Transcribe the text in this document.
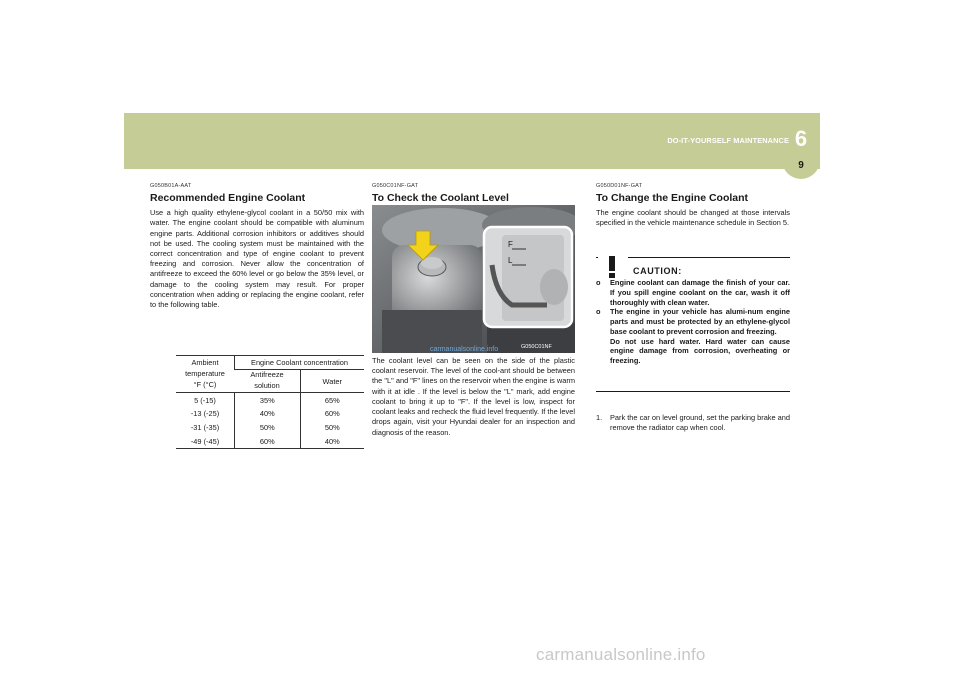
6
9
DO-IT-YOURSELF MAINTENANCE
G050B01A-AAT
Recommended Engine Coolant

Use a high quality ethylene-glycol coolant in a 50/50 mix with water. The engine coolant should be compatible with aluminum engine parts. Additional corrosion inhibitors or additives should not be used. The cooling system must be maintained with the correct concentration and type of engine coolant to prevent freezing and corrosion. Never allow the concentration of antifreeze to exceed the 60% level or go below the 35% level, or damage to the cooling system may result. For proper concentration when adding or replacing the engine coolant, refer to the following table.

Ambient
temperature
°F (°C)	Engine Coolant concentration	

	Antifreeze
solution	Water

5 (-15)	35%	65%
-13 (-25)	40%	60%
-31 (-35)	50%	50%
-49 (-45)	60%	40%
G050C01NF-GAT
To Check the Coolant Level
F
L
G050C01NF
carmanualsonline.info

The coolant level can be seen on the side of the plastic coolant reservoir. The level of the cool-ant should be between the "L" and "F" lines on the reservoir when the engine is warm with it at idle . If the level is below the "L" mark, add engine coolant to bring it up to "F". If the level is low, inspect for coolant leaks and recheck the fluid level frequently. If the level drops again, visit your Hyundai dealer for an inspection and diagnosis of the reason.

G050D01NF-GAT
To Change the Engine Coolant

The engine coolant should be changed at those intervals specified in the vehicle maintenance schedule in Section 5.

CAUTION:
o	Engine coolant can damage the finish of your car. If you spill engine coolant on the car, wash it off thoroughly with clean water.
o	The engine in your vehicle has alumi-num engine parts and must be protected by an ethylene-glycol base coolant to prevent corrosion and freezing.
Do not use hard water. Hard water can cause engine damage from corrosion, overheating or freezing.
1.	Park the car on level ground, set the parking brake and remove the radiator cap when cool.
carmanualsonline.info
